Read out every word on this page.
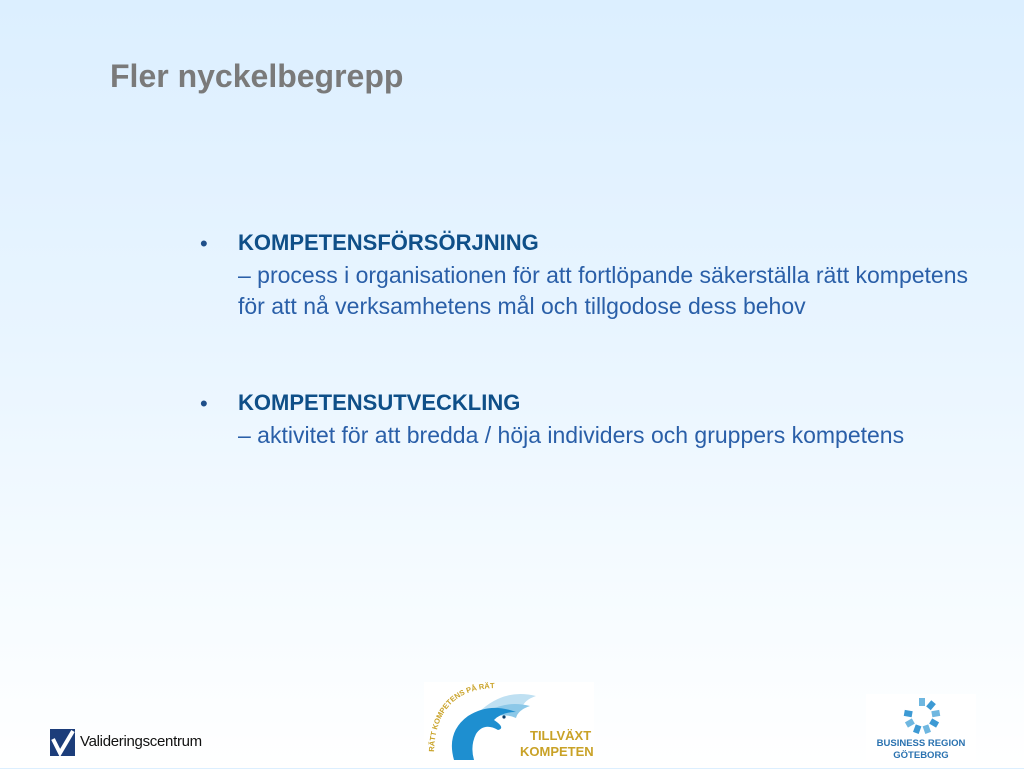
Fler nyckelbegrepp
• KOMPETENSFÖRSÖRJNING
– process i organisationen för att fortlöpande säkerställa rätt kompetens för att nå verksamhetens mål och tillgodose dess behov
• KOMPETENSUTVECKLING
– aktivitet för att bredda / höja individers och gruppers kompetens
Valideringscentrum	RÄTT KOMPETENS PÅ RÄT
TILLVÄXT
KOMPETEN
BUSINESS REGION
GÖTEBORG
